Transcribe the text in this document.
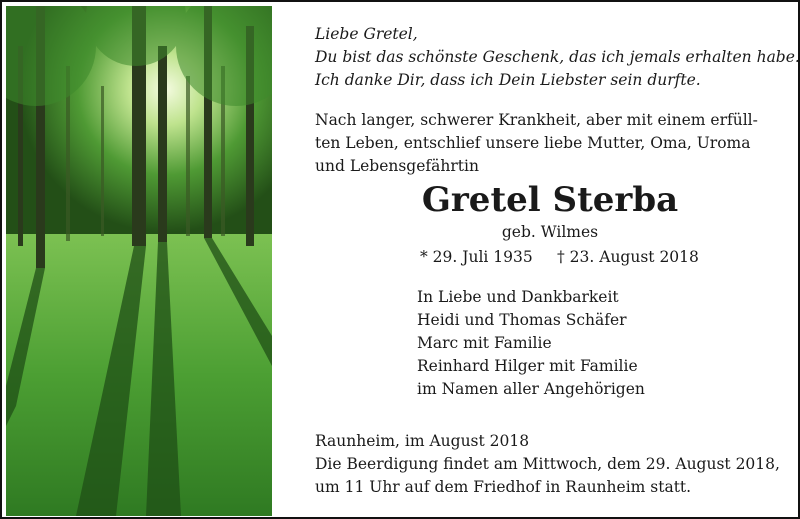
Liebe Gretel,
Du bist das schönste Geschenk, das ich jemals erhalten habe.
Ich danke Dir, dass ich Dein Liebster sein durfte.
Nach langer, schwerer Krankheit, aber mit einem erfüll-
ten Leben, entschlief unsere liebe Mutter, Oma, Uroma
und Lebensgefährtin
Gretel Sterba
geb. Wilmes
* 29. Juli 1935 † 23. August 2018
In Liebe und Dankbarkeit
Heidi und Thomas Schäfer
Marc mit Familie
Reinhard Hilger mit Familie
im Namen aller Angehörigen
Raunheim, im August 2018
Die Beerdigung findet am Mittwoch, dem 29. August 2018,
um 11 Uhr auf dem Friedhof in Raunheim statt.
